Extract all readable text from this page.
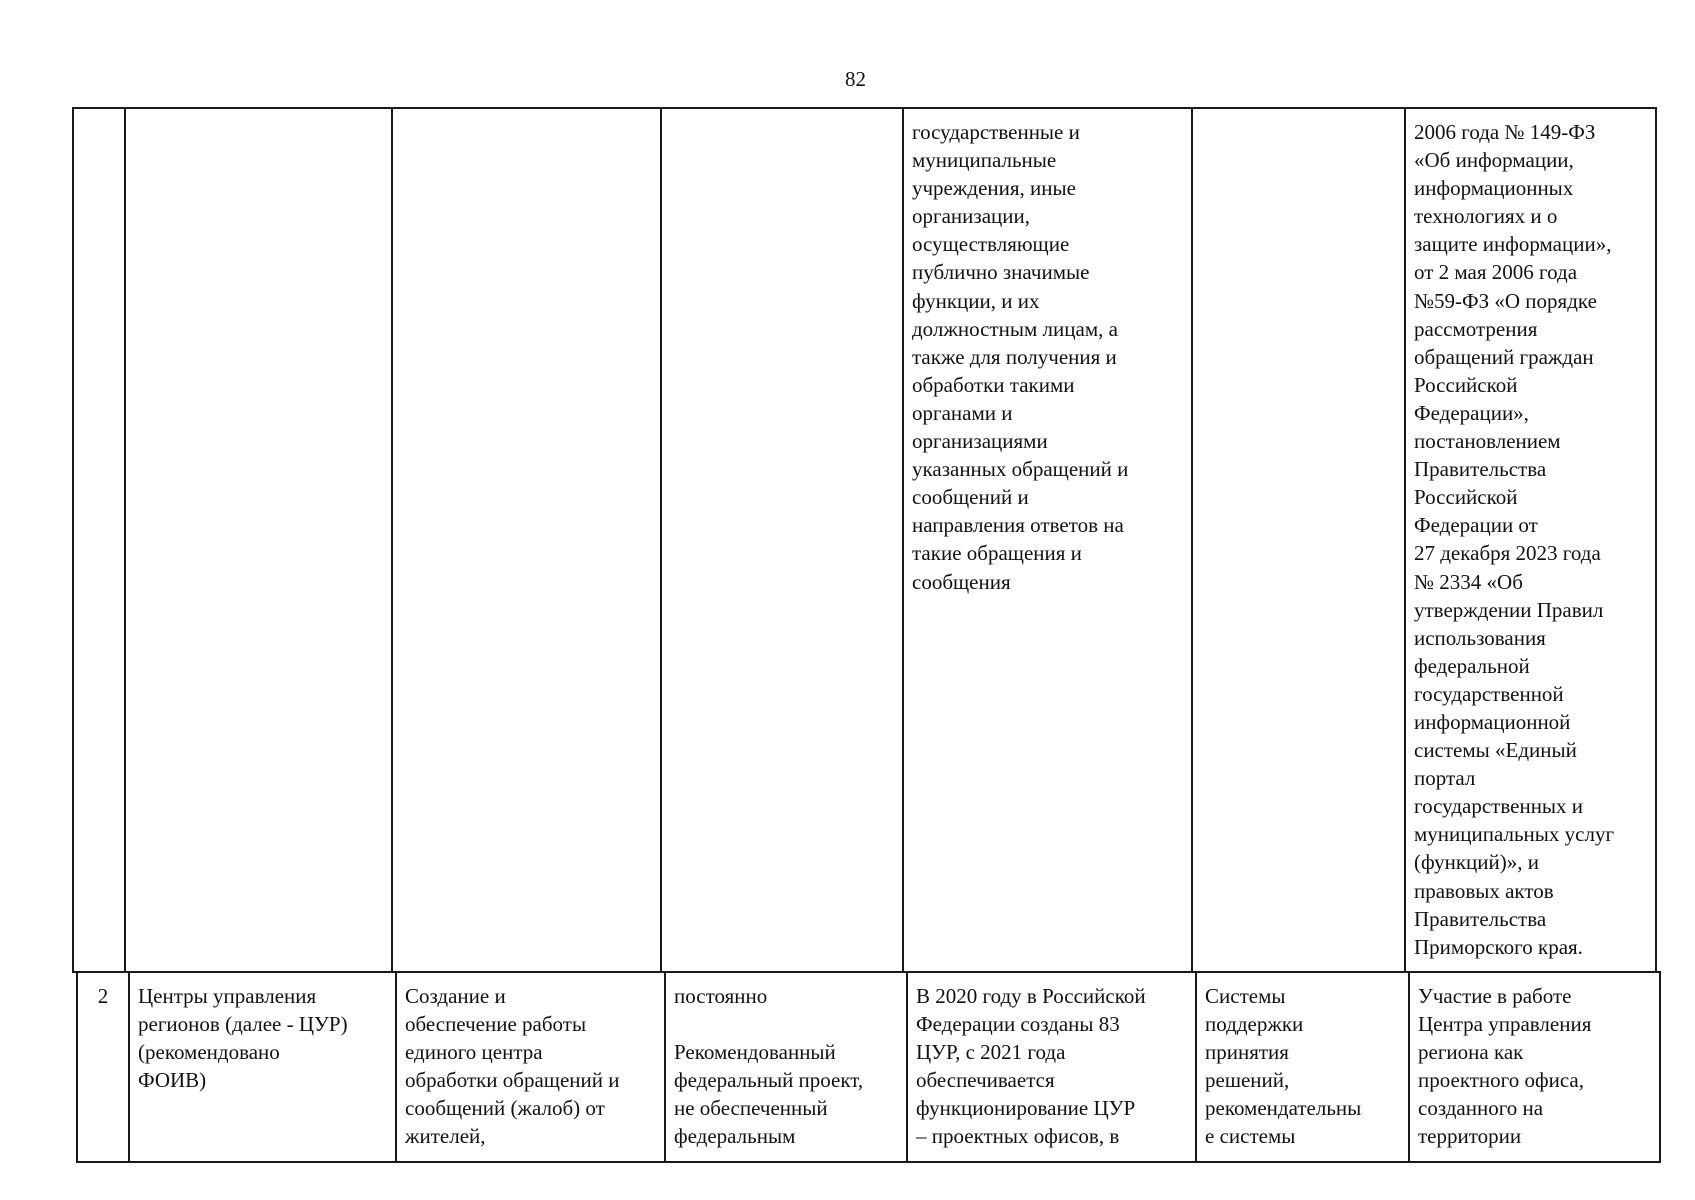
82
государственные и
муниципальные
учреждения, иные
организации,
осуществляющие
публично значимые
функции, и их
должностным лицам, а
также для получения и
обработки такими
органами и
организациями
указанных обращений и
сообщений и
направления ответов на
такие обращения и
сообщения
2006 года № 149-ФЗ
«Об информации,
информационных
технологиях и о
защите информации»,
от 2 мая 2006 года
№59-ФЗ «О порядке
рассмотрения
обращений граждан
Российской
Федерации»,
постановлением
Правительства
Российской
Федерации от
27 декабря 2023 года
№ 2334 «Об
утверждении Правил
использования
федеральной
государственной
информационной
системы «Единый
портал
государственных и
муниципальных услуг
(функций)», и
правовых актов
Правительства
Приморского края.
2	Центры управления
регионов (далее - ЦУР)
(рекомендовано
ФОИВ)
Создание и
обеспечение работы
единого центра
обработки обращений и
сообщений (жалоб) от
жителей,
постоянно

Рекомендованный
федеральный проект,
не обеспеченный
федеральным
В 2020 году в Российской
Федерации созданы 83
ЦУР, с 2021 года
обеспечивается
функционирование ЦУР
– проектных офисов, в
Системы
поддержки
принятия
решений,
рекомендательны
е системы
Участие в работе
Центра управления
региона как
проектного офиса,
созданного на
территории
